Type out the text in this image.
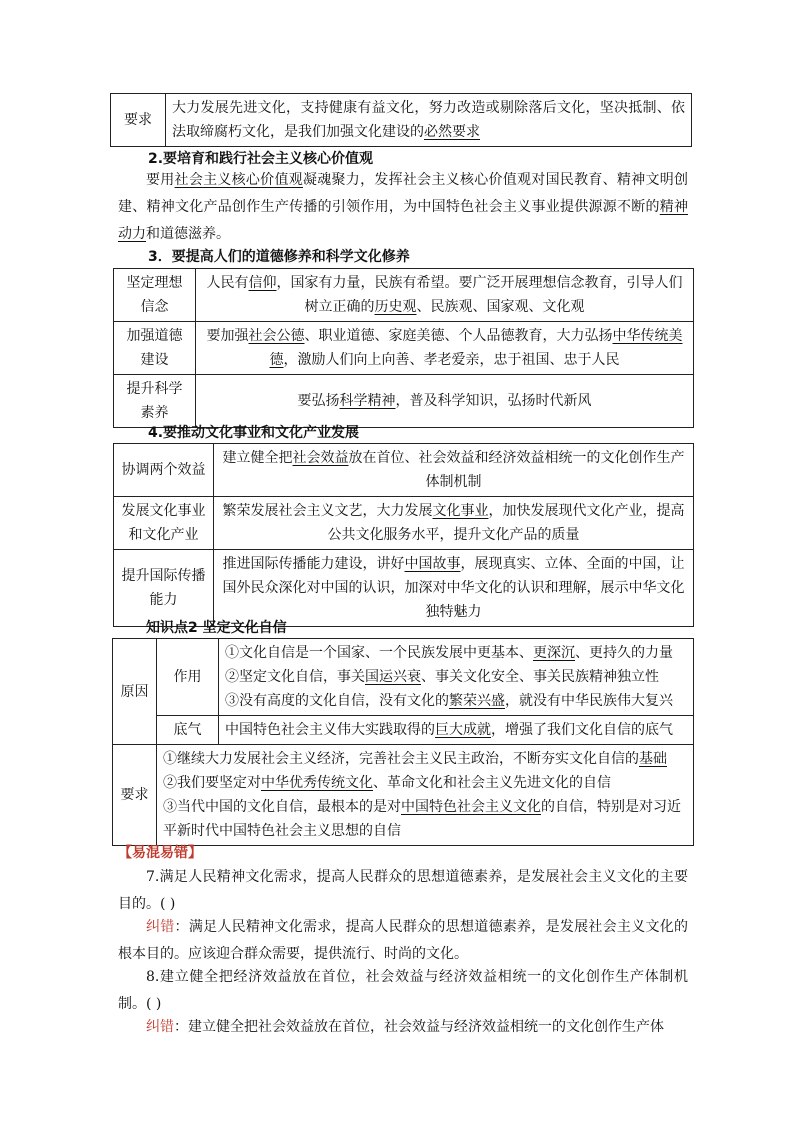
要求	大力发展先进文化，支持健康有益文化，努力改造或剔除落后文化，坚决抵制、依法取缔腐朽文化，是我们加强文化建设的必然要求
2.要培育和践行社会主义核心价值观
要用社会主义核心价值观凝魂聚力，发挥社会主义核心价值观对国民教育、精神文明创建、精神文化产品创作生产传播的引领作用，为中国特色社会主义事业提供源源不断的精神动力和道德滋养。
3．要提高人们的道德修养和科学文化修养
坚定理想信念	人民有信仰，国家有力量，民族有希望。要广泛开展理想信念教育，引导人们树立正确的历史观、民族观、国家观、文化观
加强道德建设	要加强社会公德、职业道德、家庭美德、个人品德教育，大力弘扬中华传统美德，激励人们向上向善、孝老爱亲，忠于祖国、忠于人民
提升科学素养	要弘扬科学精神，普及科学知识，弘扬时代新风
4.要推动文化事业和文化产业发展
协调两个效益	建立健全把社会效益放在首位、社会效益和经济效益相统一的文化创作生产体制机制
发展文化事业和文化产业	繁荣发展社会主义文艺，大力发展文化事业，加快发展现代文化产业，提高公共文化服务水平，提升文化产品的质量
提升国际传播能力	推进国际传播能力建设，讲好中国故事，展现真实、立体、全面的中国，让国外民众深化对中国的认识，加深对中华文化的认识和理解，展示中华文化独特魅力
知识点2 坚定文化自信
原因	作用	①文化自信是一个国家、一个民族发展中更基本、更深沉、更持久的力量
②坚定文化自信，事关国运兴衰、事关文化安全、事关民族精神独立性
③没有高度的文化自信，没有文化的繁荣兴盛，就没有中华民族伟大复兴

	底气	中国特色社会主义伟大实践取得的巨大成就，增强了我们文化自信的底气
要求	①继续大力发展社会主义经济，完善社会主义民主政治，不断夯实文化自信的基础
②我们要坚定对中华优秀传统文化、革命文化和社会主义先进文化的自信
③当代中国的文化自信，最根本的是对中国特色社会主义文化的自信，特别是对习近平新时代中国特色社会主义思想的自信	
【易混易错】
7.满足人民精神文化需求，提高人民群众的思想道德素养，是发展社会主义文化的主要目的。( )
纠错：满足人民精神文化需求，提高人民群众的思想道德素养，是发展社会主义文化的根本目的。应该迎合群众需要，提供流行、时尚的文化。
8.建立健全把经济效益放在首位，社会效益与经济效益相统一的文化创作生产体制机制。( )
纠错：建立健全把社会效益放在首位，社会效益与经济效益相统一的文化创作生产体
